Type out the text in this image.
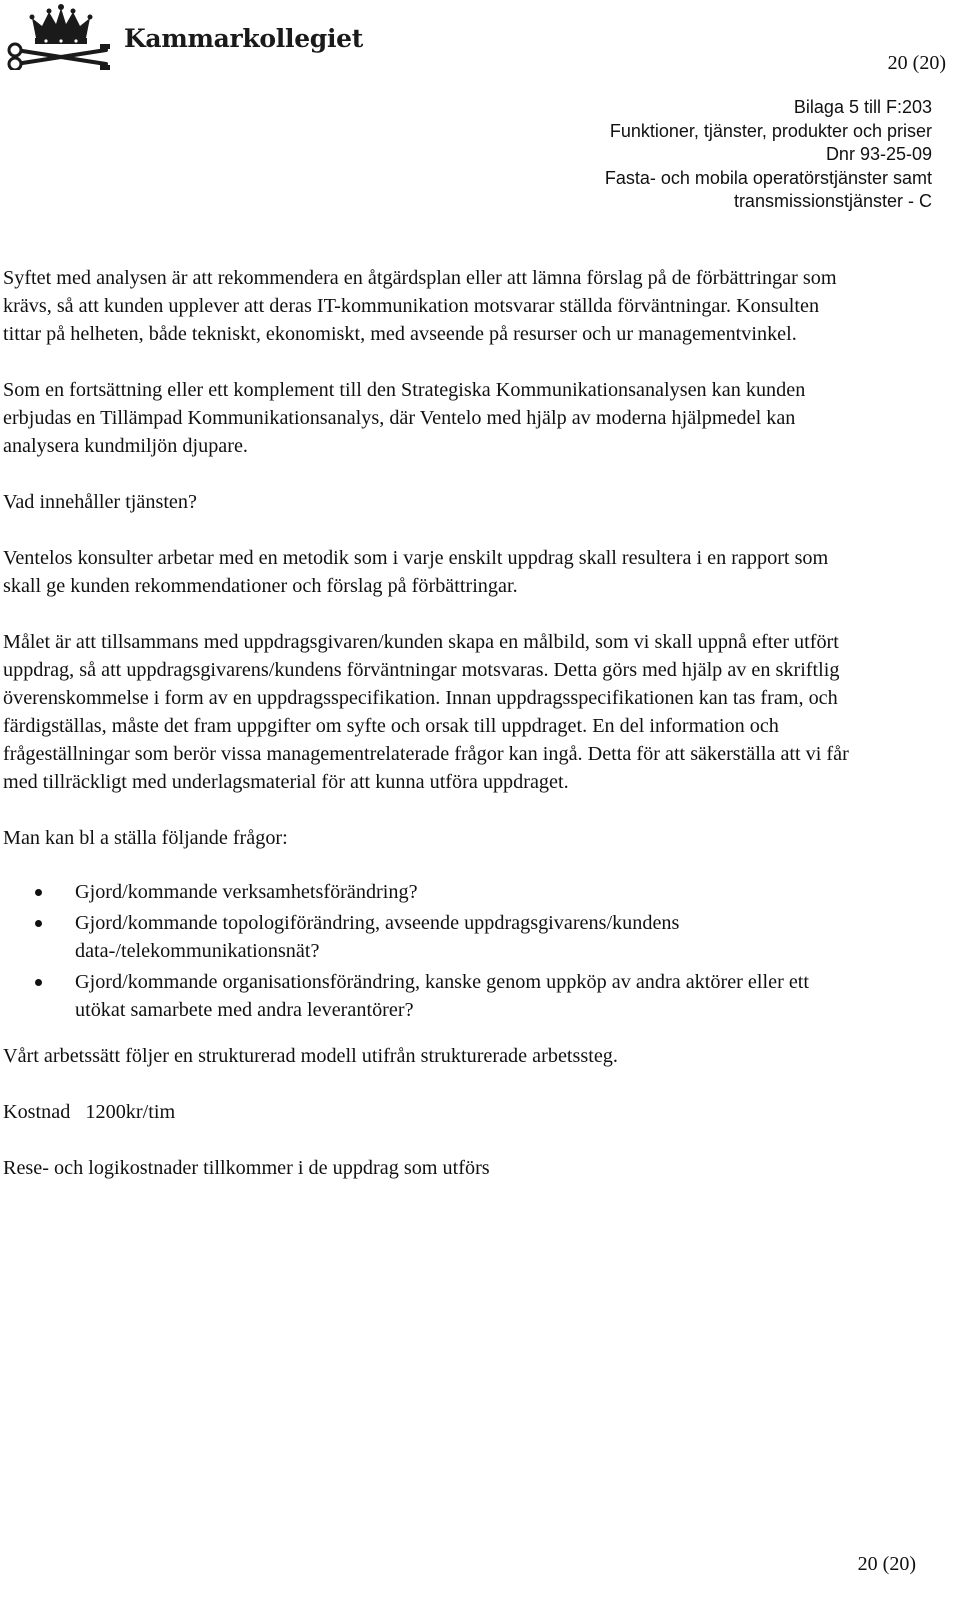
Kammarkollegiet
20 (20)
Bilaga 5 till F:203
Funktioner, tjänster, produkter och priser
Dnr 93-25-09
Fasta- och mobila operatörstjänster samt
transmissionstjänster - C

Syftet med analysen är att rekommendera en åtgärdsplan eller att lämna förslag på de förbättringar som krävs, så att kunden upplever att deras IT-kommunikation motsvarar ställda förväntningar. Konsulten tittar på helheten, både tekniskt, ekonomiskt, med avseende på resurser och ur managementvinkel.

Som en fortsättning eller ett komplement till den Strategiska Kommunikationsanalysen kan kunden erbjudas en Tillämpad Kommunikationsanalys, där Ventelo med hjälp av moderna hjälpmedel kan analysera kundmiljön djupare.

Vad innehåller tjänsten?

Ventelos konsulter arbetar med en metodik som i varje enskilt uppdrag skall resultera i en rapport som skall ge kunden rekommendationer och förslag på förbättringar.

Målet är att tillsammans med uppdragsgivaren/kunden skapa en målbild, som vi skall uppnå efter utfört uppdrag, så att uppdragsgivarens/kundens förväntningar motsvaras. Detta görs med hjälp av en skriftlig överenskommelse i form av en uppdragsspecifikation. Innan uppdragsspecifikationen kan tas fram, och färdigställas, måste det fram uppgifter om syfte och orsak till uppdraget. En del information och frågeställningar som berör vissa managementrelaterade frågor kan ingå. Detta för att säkerställa att vi får med tillräckligt med underlagsmaterial för att kunna utföra uppdraget.

Man kan bl a ställa följande frågor:

Gjord/kommande verksamhetsförändring?
Gjord/kommande topologiförändring, avseende uppdragsgivarens/kundens data-/telekommunikationsnät?
Gjord/kommande organisationsförändring, kanske genom uppköp av andra aktörer eller ett utökat samarbete med andra leverantörer?

Vårt arbetssätt följer en strukturerad modell utifrån strukturerade arbetssteg.

Kostnad   1200kr/tim

Rese- och logikostnader tillkommer i de uppdrag som utförs

20 (20)
